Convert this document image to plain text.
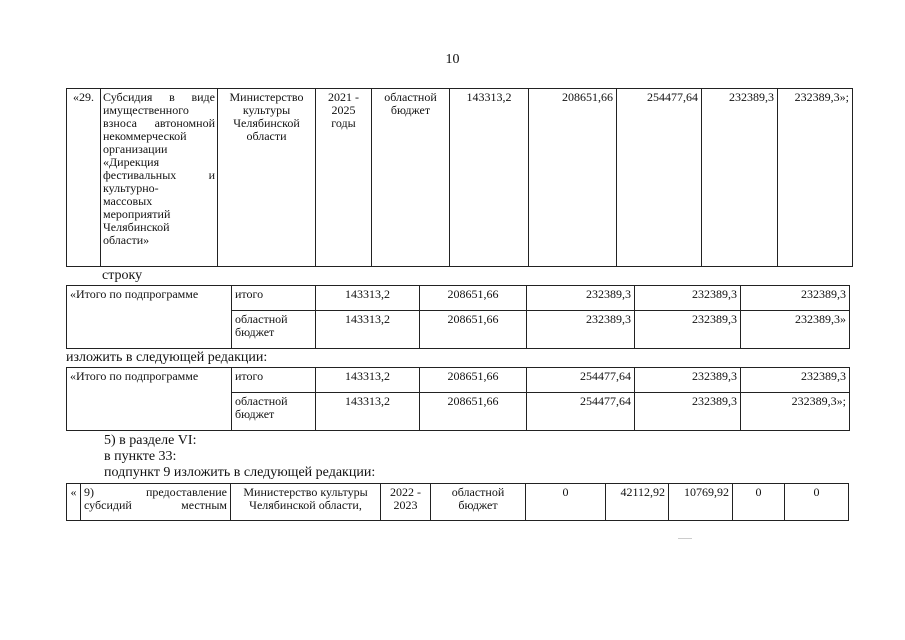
10
«29.	Субсидия в виде
имущественного
взноса автономной
некоммерческой
организации
«Дирекция
фестивальных и
культурно-
массовых
мероприятий
Челябинской
области»
	Министерство культуры Челябинской области	2021 - 2025 годы	областной бюджет	143313,2	208651,66	254477,64	232389,3	232389,3»;
строку
«Итого по подпрограмме	итого	143313,2	208651,66	232389,3	232389,3	232389,3
	областной бюджет	143313,2	208651,66	232389,3	232389,3	232389,3»
изложить в следующей редакции:
«Итого по подпрограмме	итого	143313,2	208651,66	254477,64	232389,3	232389,3
	областной бюджет	143313,2	208651,66	254477,64	232389,3	232389,3»;
5) в разделе VI:
в пункте 33:
подпункт 9 изложить в следующей редакции:
«	9) предоставление
субсидий местным
	Министерство культуры Челябинской области,	2022 - 2023	областной бюджет	0	42112,92	10769,92	0	0
